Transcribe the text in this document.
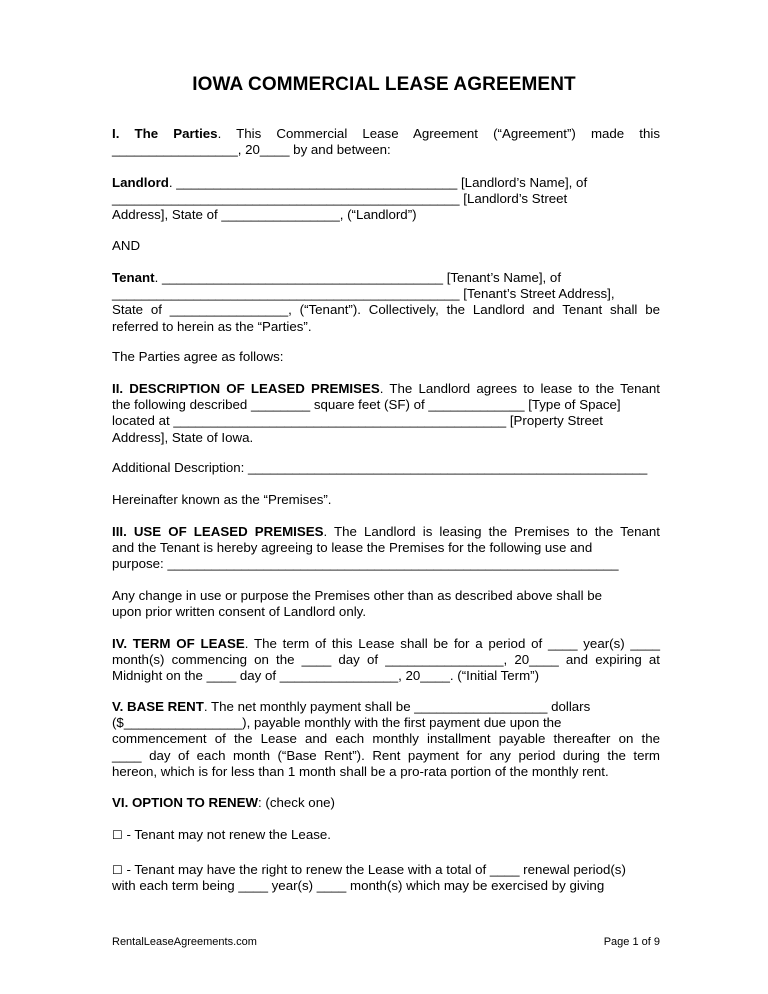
IOWA COMMERCIAL LEASE AGREEMENT
I. The Parties. This Commercial Lease Agreement (“Agreement”) made this
_________________, 20____ by and between:
Landlord. ______________________________________ [Landlord’s Name], of
_______________________________________________ [Landlord’s Street
Address], State of ________________, (“Landlord”)
AND
Tenant. ______________________________________ [Tenant’s Name], of
_______________________________________________ [Tenant’s Street Address],
State of ________________, (“Tenant”). Collectively, the Landlord and Tenant shall be
referred to herein as the “Parties”.
The Parties agree as follows:
II. DESCRIPTION OF LEASED PREMISES. The Landlord agrees to lease to the Tenant
the following described ________ square feet (SF) of _____________ [Type of Space]
located at _____________________________________________ [Property Street
Address], State of Iowa.
Additional Description: ______________________________________________________
Hereinafter known as the “Premises”.
III. USE OF LEASED PREMISES. The Landlord is leasing the Premises to the Tenant
and the Tenant is hereby agreeing to lease the Premises for the following use and
purpose: _____________________________________________________________
Any change in use or purpose the Premises other than as described above shall be
upon prior written consent of Landlord only.
IV. TERM OF LEASE. The term of this Lease shall be for a period of ____ year(s) ____
month(s) commencing on the ____ day of ________________, 20____ and expiring at
Midnight on the ____ day of ________________, 20____. (“Initial Term”)
V. BASE RENT. The net monthly payment shall be __________________ dollars
($________________), payable monthly with the first payment due upon the
commencement of the Lease and each monthly installment payable thereafter on the
____ day of each month (“Base Rent”). Rent payment for any period during the term
hereon, which is for less than 1 month shall be a pro-rata portion of the monthly rent.
VI. OPTION TO RENEW: (check one)
☐ - Tenant may not renew the Lease.
☐ - Tenant may have the right to renew the Lease with a total of ____ renewal period(s)
with each term being ____ year(s) ____ month(s) which may be exercised by giving
RentalLeaseAgreements.com	Page 1 of 9
